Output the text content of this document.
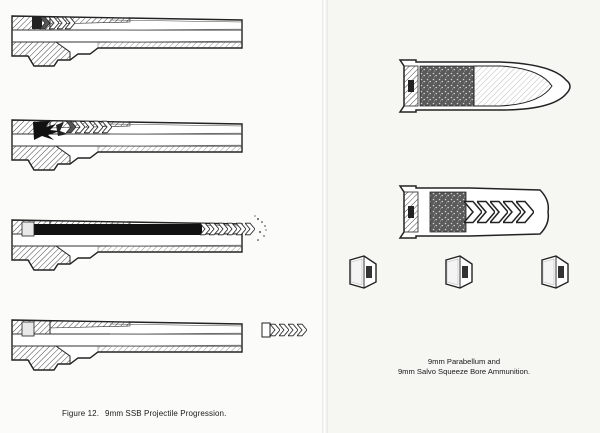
Figure 12. 9mm SSB Projectile Progression.
9mm Parabellum and
9mm Salvo Squeeze Bore Ammunition.
